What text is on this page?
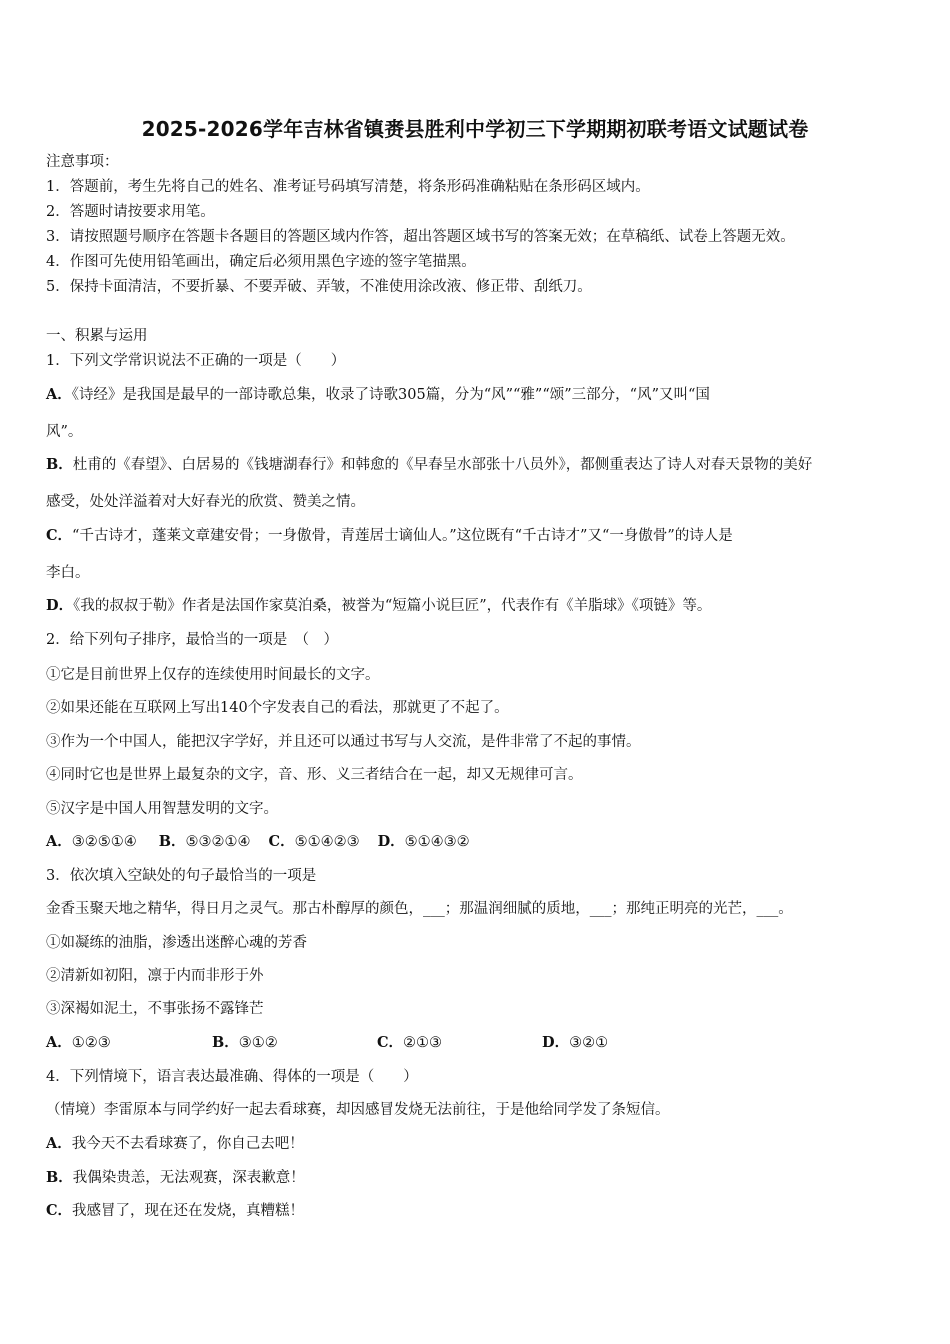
2025-2026学年吉林省镇赉县胜利中学初三下学期期初联考语文试题试卷
注意事项：
1．答题前，考生先将自己的姓名、准考证号码填写清楚，将条形码准确粘贴在条形码区域内。
2．答题时请按要求用笔。
3．请按照题号顺序在答题卡各题目的答题区域内作答，超出答题区域书写的答案无效；在草稿纸、试卷上答题无效。
4．作图可先使用铅笔画出，确定后必须用黑色字迹的签字笔描黑。
5．保持卡面清洁，不要折暴、不要弄破、弄皱，不准使用涂改液、修正带、刮纸刀。
一、积累与运用
1．下列文学常识说法不正确的一项是（　　）
A．《诗经》是我国是最早的一部诗歌总集，收录了诗歌305篇，分为“风”“雅”“颂”三部分，“风”又叫“国
风”。
B．杜甫的《春望》、白居易的《钱塘湖春行》和韩愈的《早春呈水部张十八员外》，都侧重表达了诗人对春天景物的美好
感受，处处洋溢着对大好春光的欣赏、赞美之情。
C．“千古诗才，蓬莱文章建安骨；一身傲骨，青莲居士谪仙人。”这位既有“千古诗才”又“一身傲骨”的诗人是
李白。
D．《我的叔叔于勒》作者是法国作家莫泊桑，被誉为“短篇小说巨匠”，代表作有《羊脂球》《项链》等。
2．给下列句子排序，最恰当的一项是　（　）
①它是目前世界上仅存的连续使用时间最长的文字。
②如果还能在互联网上写出140个字发表自己的看法，那就更了不起了。
③作为一个中国人，能把汉字学好，并且还可以通过书写与人交流，是件非常了不起的事情。
④同时它也是世界上最复杂的文字，音、形、义三者结合在一起，却又无规律可言。
⑤汉字是中国人用智慧发明的文字。
A．③②⑤①④ B．⑤③②①④ C．⑤①④②③ D．⑤①④③②
3．依次填入空缺处的句子最恰当的一项是
金香玉聚天地之精华，得日月之灵气。那古朴醇厚的颜色，___；那温润细腻的质地，___；那纯正明亮的光芒，___。
①如凝练的油脂，渗透出迷醉心魂的芳香
②清新如初阳，凛于内而非形于外
③深褐如泥土，不事张扬不露锋芒
A．①②③	B．③①②	C．②①③	D．③②①
4．下列情境下，语言表达最准确、得体的一项是（　　）
（情境）李雷原本与同学约好一起去看球赛，却因感冒发烧无法前往，于是他给同学发了条短信。
A．我今天不去看球赛了，你自己去吧！
B．我偶染贵恙，无法观赛，深表歉意！
C．我感冒了，现在还在发烧，真糟糕！
